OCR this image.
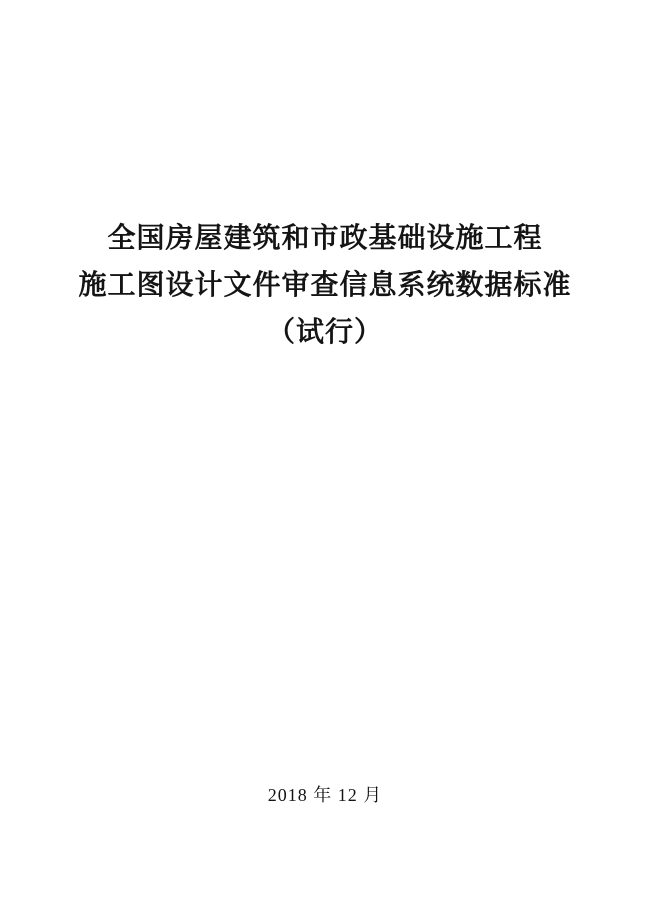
全国房屋建筑和市政基础设施工程
施工图设计文件审查信息系统数据标准
（试行）
2018 年 12 月
